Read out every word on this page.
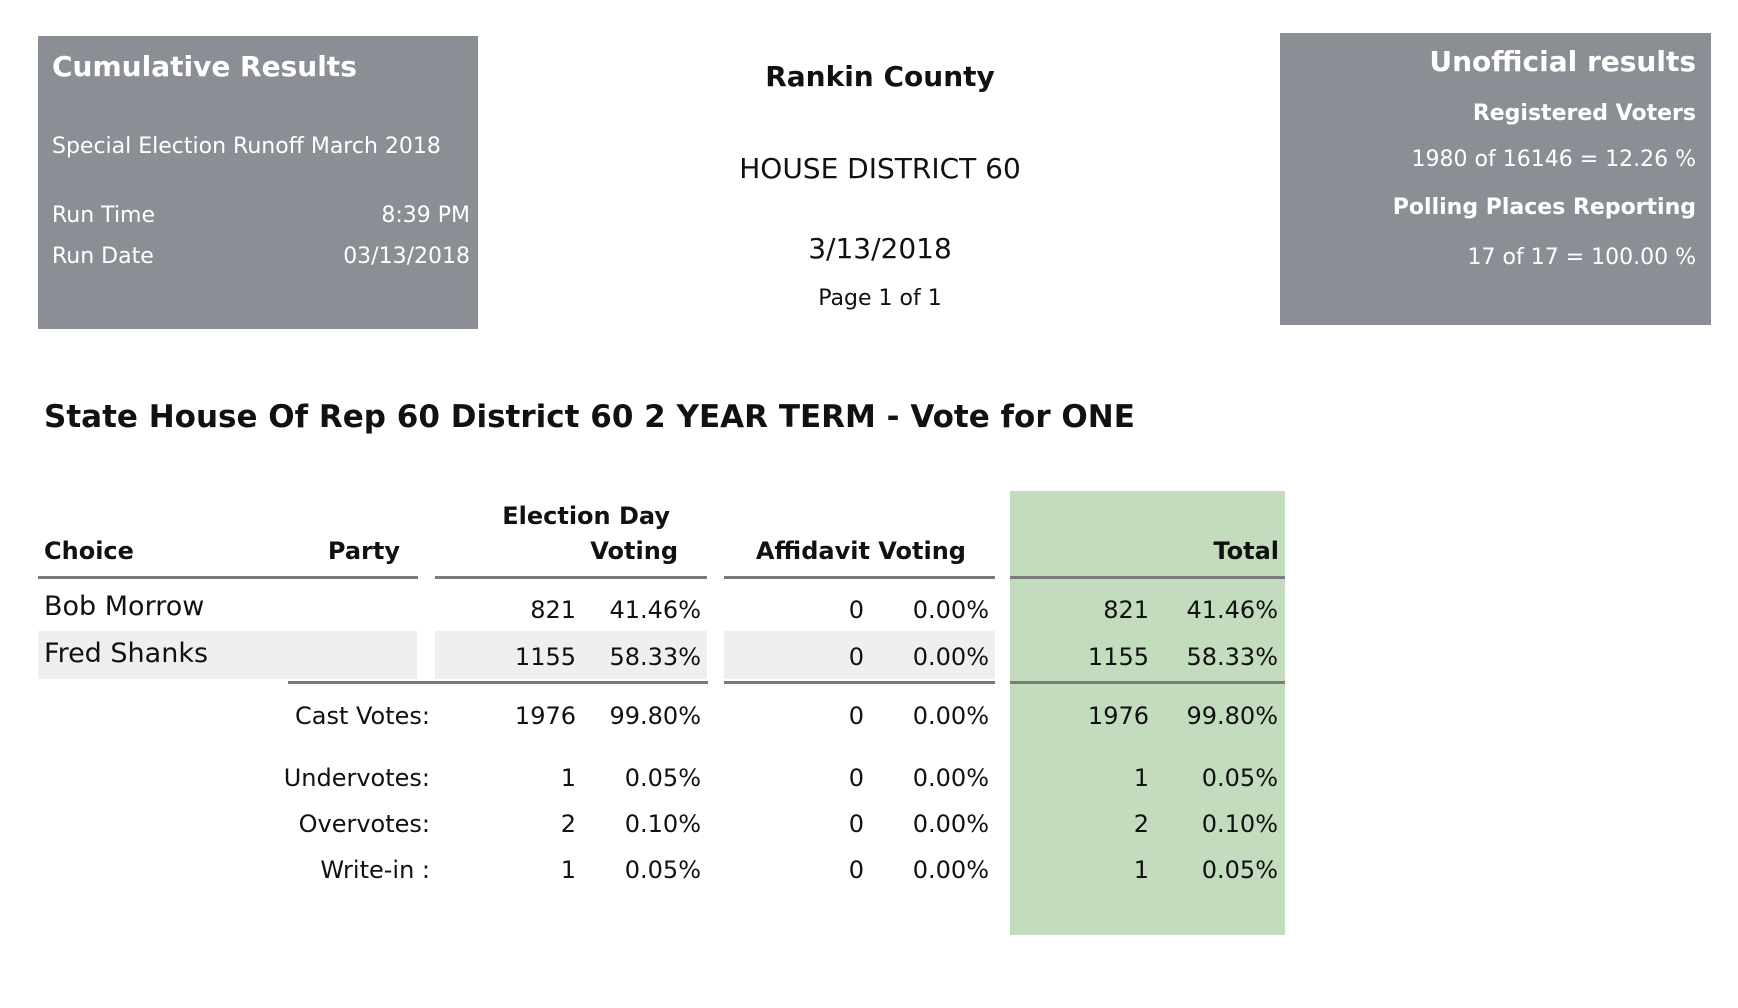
Cumulative Results
Special Election Runoff March 2018
Run Time	8:39 PM
Run Date	03/13/2018
Rankin County
HOUSE DISTRICT 60
3/13/2018
Page 1 of 1
Unofficial results
Registered Voters
1980 of 16146 = 12.26 %
Polling Places Reporting
17 of 17 = 100.00 %
State House Of Rep 60 District 60 2 YEAR TERM - Vote for ONE
Choice	Party
Election Day
Voting	Affidavit Voting	Total
Bob Morrow	821 41.46%	0 0.00%	821 41.46%
Fred Shanks	1155 58.33%	0 0.00%	1155 58.33%
Cast Votes:	1976 99.80%	0 0.00%	1976 99.80%
Undervotes:	1 0.05%	0 0.00%	1 0.05%
Overvotes:	2 0.10%	0 0.00%	2 0.10%
Write-in :	1 0.05%	0 0.00%	1 0.05%
